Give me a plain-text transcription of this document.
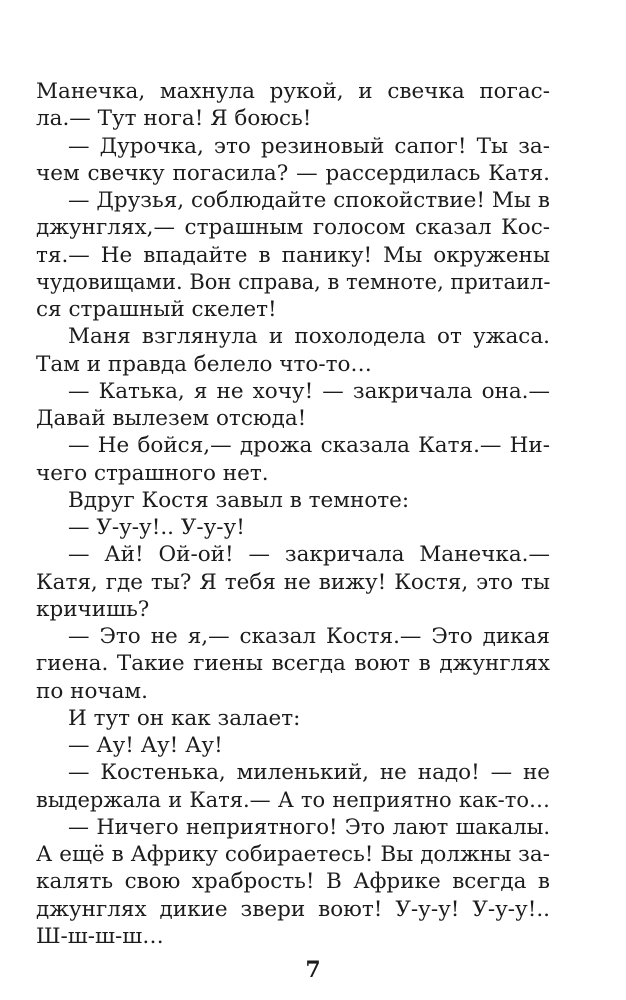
Манечка, махнула рукой, и свечка погас-
ла.— Тут нога! Я боюсь!
— Дурочка, это резиновый сапог! Ты за-
чем свечку погасила? — рассердилась Катя.
— Друзья, соблюдайте спокойствие! Мы в
джунглях,— страшным голосом сказал Кос-
тя.— Не впадайте в панику! Мы окружены
чудовищами. Вон справа, в темноте, притаил-
ся страшный скелет!
Маня взглянула и похолодела от ужаса.
Там и правда белело что-то…
— Катька, я не хочу! — закричала она.—
Давай вылезем отсюда!
— Не бойся,— дрожа сказала Катя.— Ни-
чего страшного нет.
Вдруг Костя завыл в темноте:
— У-у-у!.. У-у-у!
— Ай! Ой-ой! — закричала Манечка.—
Катя, где ты? Я тебя не вижу! Костя, это ты
кричишь?
— Это не я,— сказал Костя.— Это дикая
гиена. Такие гиены всегда воют в джунглях
по ночам.
И тут он как залает:
— Ау! Ау! Ау!
— Костенька, миленький, не надо! — не
выдержала и Катя.— А то неприятно как-то…
— Ничего неприятного! Это лают шакалы.
А ещё в Африку собираетесь! Вы должны за-
калять свою храбрость! В Африке всегда в
джунглях дикие звери воют! У-у-у! У-у-у!..
Ш-ш-ш-ш…
7
